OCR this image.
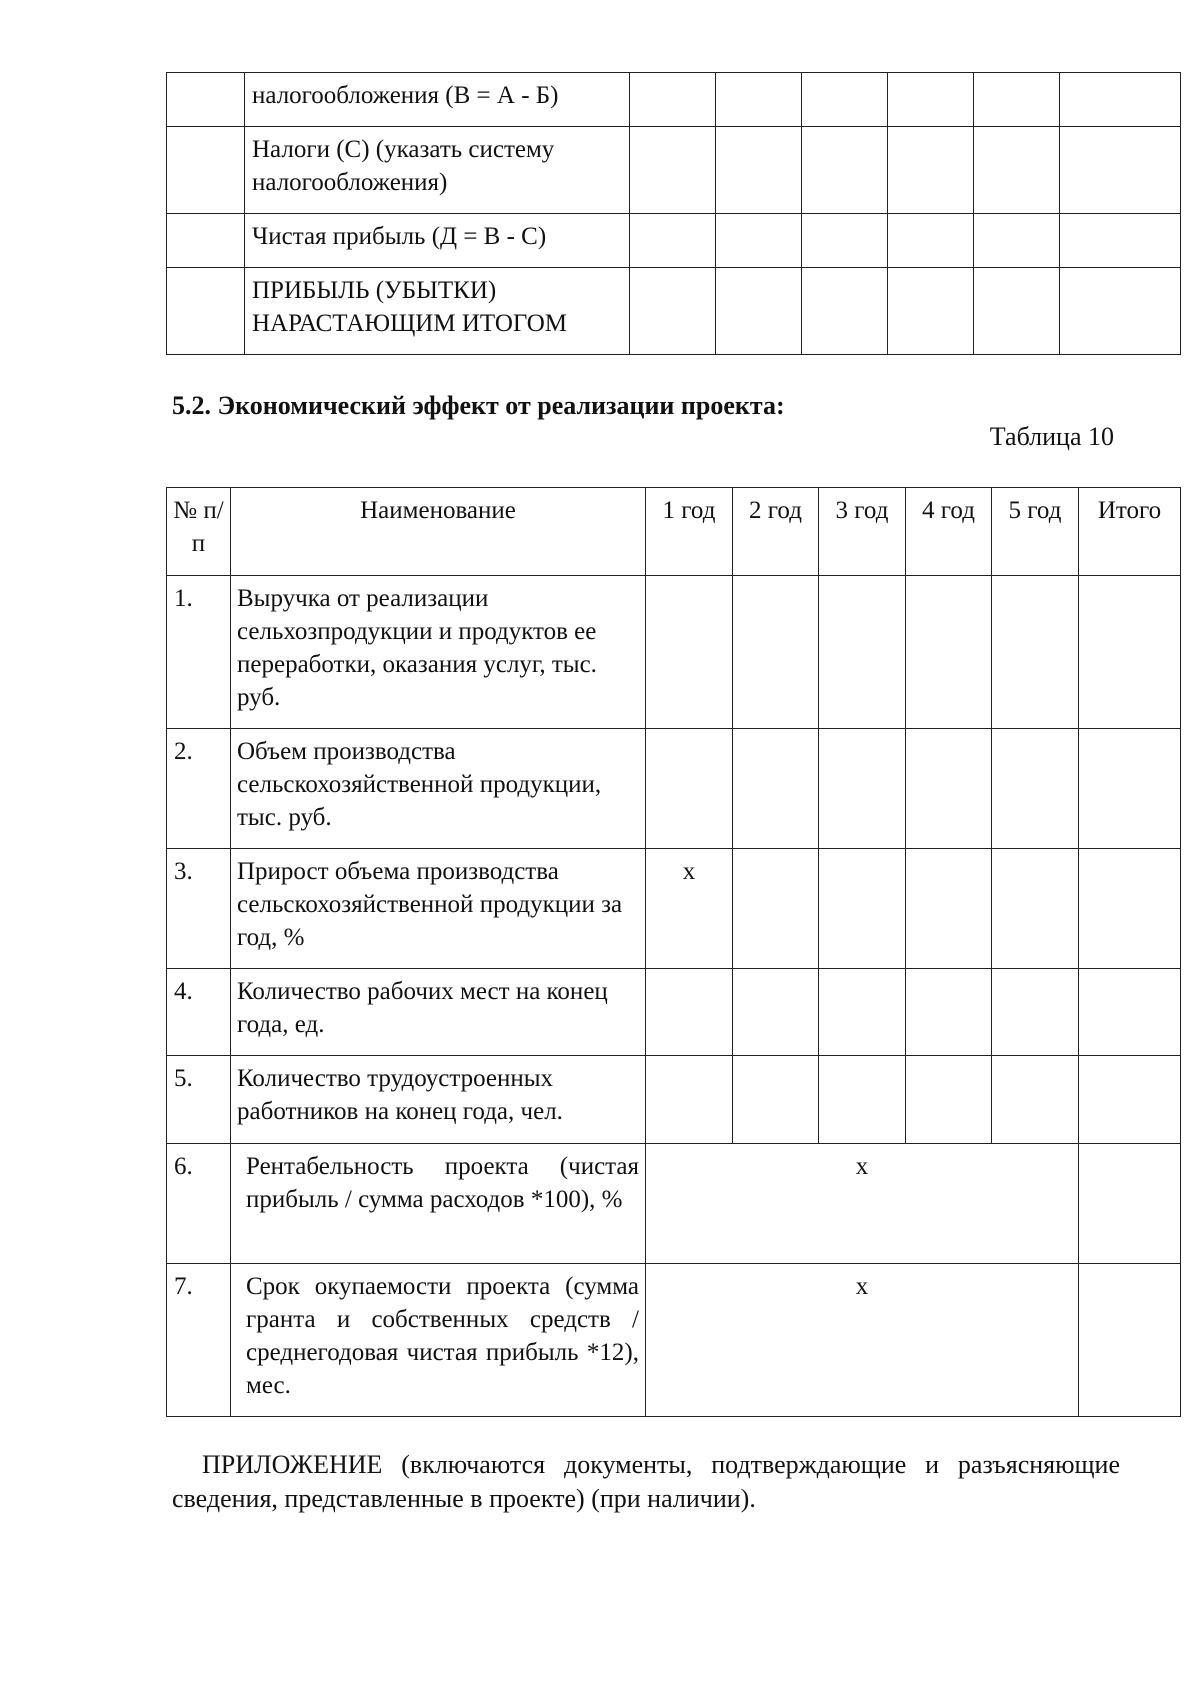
	налогообложения (В = А - Б)						
	Налоги (С) (указать систему налогообложения)						
	Чистая прибыль (Д = В - С)						
	ПРИБЫЛЬ (УБЫТКИ) НАРАСТАЮЩИМ ИТОГОМ						
5.2. Экономический эффект от реализации проекта:
Таблица 10
№ п/п	Наименование	1 год	2 год	3 год	4 год	5 год	Итого
1.	Выручка от реализации сельхозпродукции и продуктов ее переработки, оказания услуг, тыс. руб.						
2.	Объем производства сельскохозяйственной продукции, тыс. руб.						
3.	Прирост объема производства сельскохозяйственной продукции за год, %	х					
4.	Количество рабочих мест на конец года, ед.						
5.	Количество трудоустроенных работников на конец года, чел.						
6.	Рентабельность проекта (чистая прибыль / сумма расходов *100), %	х					
7.	Срок окупаемости проекта (сумма гранта и собственных средств / среднегодовая чистая прибыль *12), мес.	х					
ПРИЛОЖЕНИЕ (включаются документы, подтверждающие и разъясняющие сведения, представленные в проекте) (при наличии).
